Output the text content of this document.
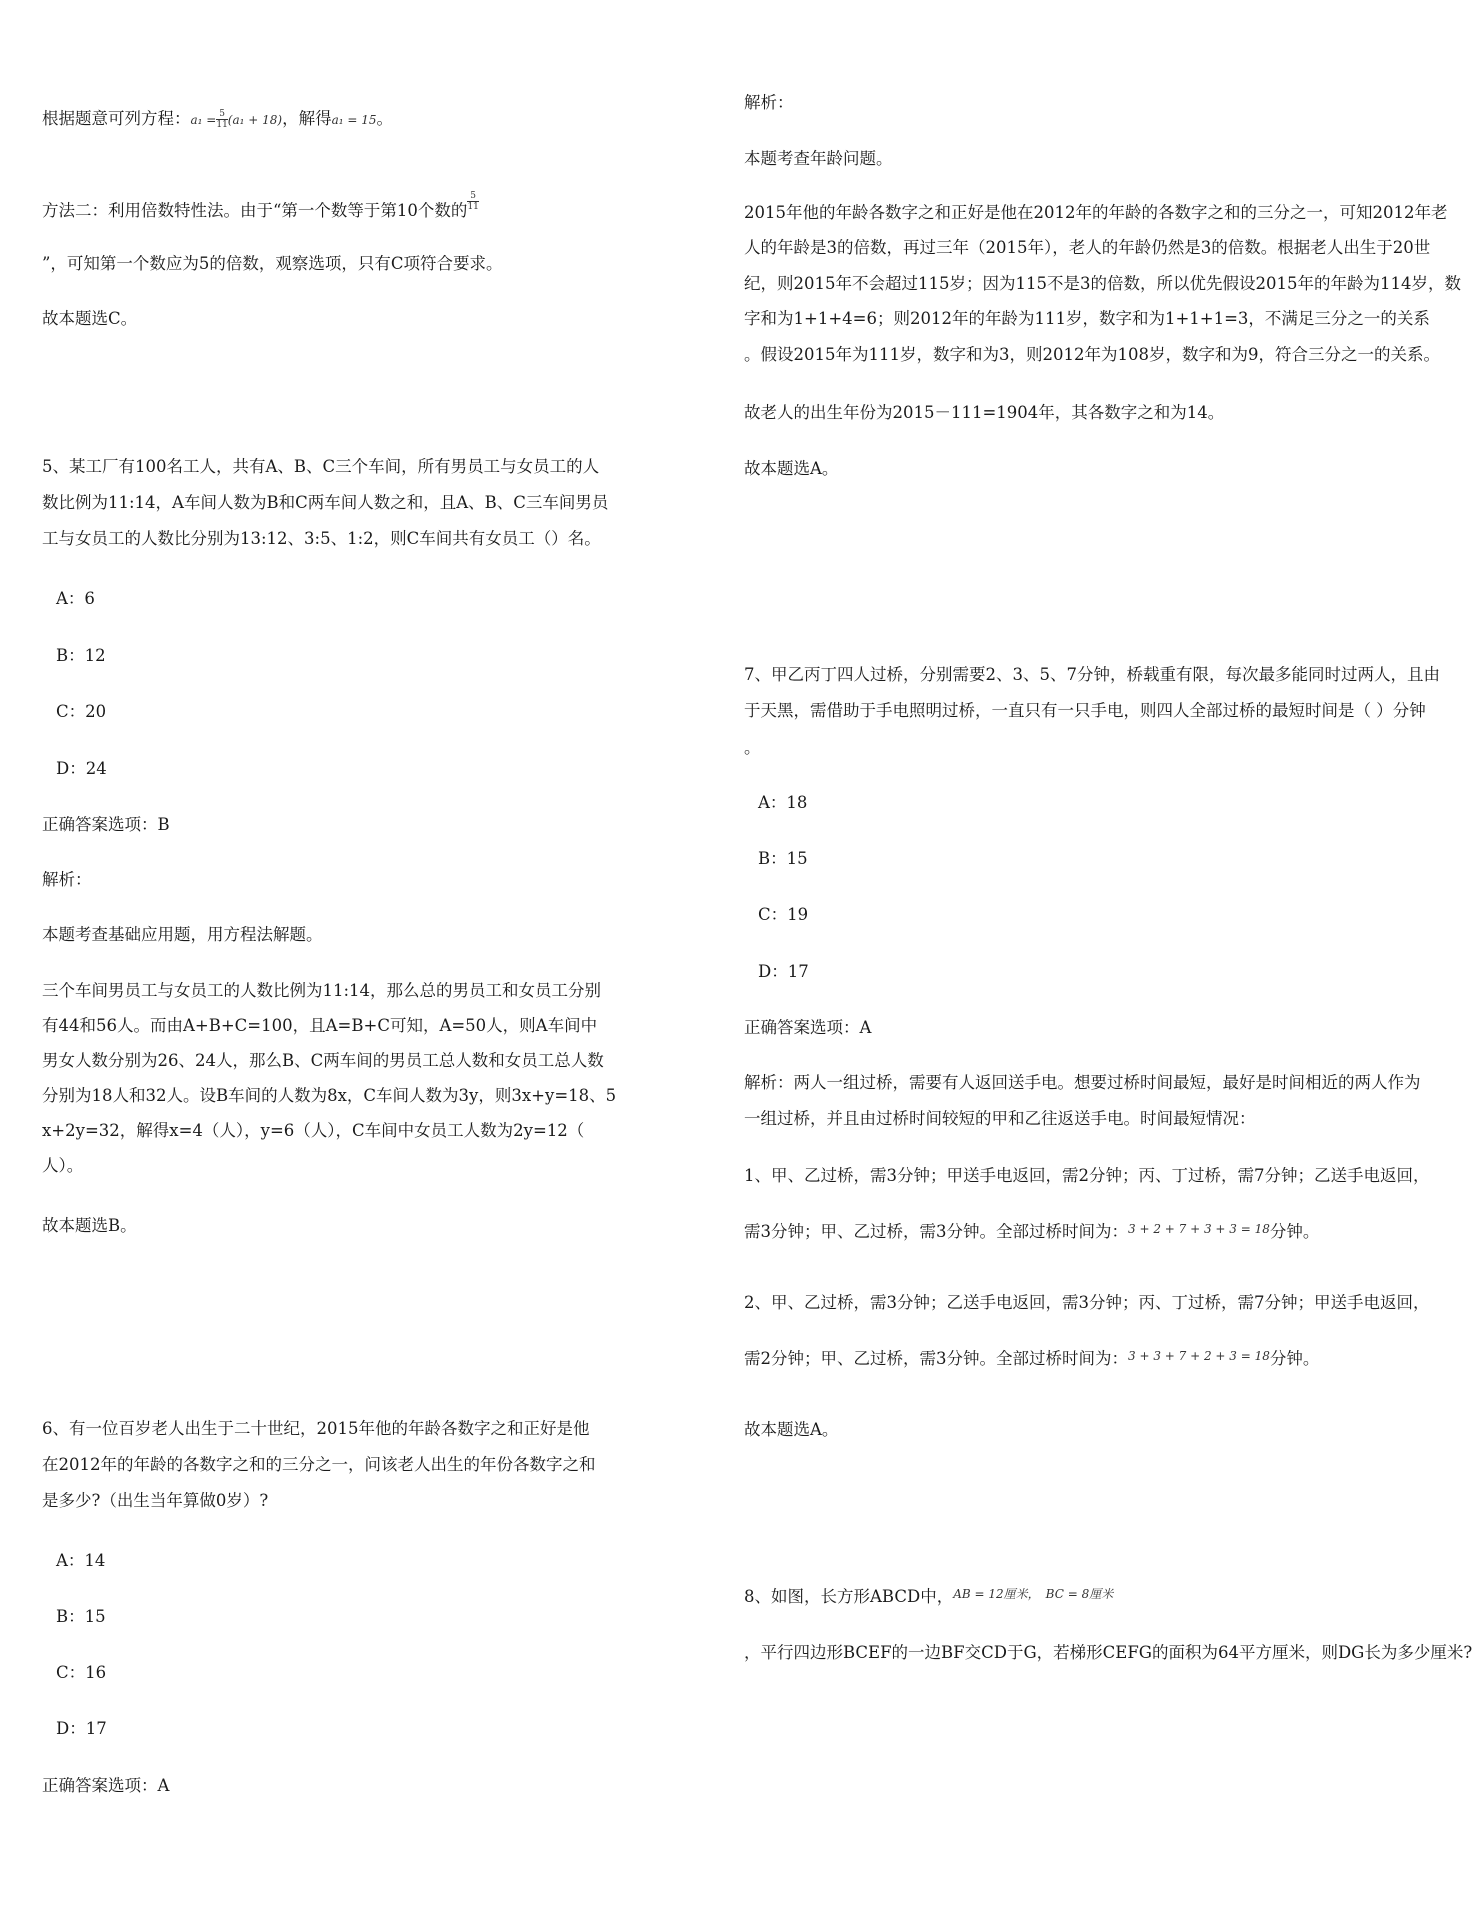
根据题意可列方程：$a_1 = \frac{5}{11} (a_1 + 18)$，解得a₁ = 15。
方法二：利用倍数特性法。由于“第一个数等于第10个数的 $\frac{5}{11}$
”，可知第一个数应为5的倍数，观察选项，只有C项符合要求。
故本题选C。
5、某工厂有100名工人，共有A、B、C三个车间，所有男员工与女员工的人
数比例为11:14，A车间人数为B和C两车间人数之和，且A、B、C三车间男员
工与女员工的人数比分别为13:12、3:5、1:2，则C车间共有女员工（）名。
A：6
B：12
C：20
D：24
正确答案选项：B
解析：
本题考查基础应用题，用方程法解题。
三个车间男员工与女员工的人数比例为11:14，那么总的男员工和女员工分别
有44和56人。而由A+B+C=100，且A=B+C可知，A=50人，则A车间中
男女人数分别为26、24人，那么B、C两车间的男员工总人数和女员工总人数
分别为18人和32人。设B车间的人数为8x，C车间人数为3y，则3x+y=18、5
x+2y=32，解得x=4（人），y=6（人），C车间中女员工人数为2y=12（
人）。
故本题选B。
6、有一位百岁老人出生于二十世纪，2015年他的年龄各数字之和正好是他
在2012年的年龄的各数字之和的三分之一，问该老人出生的年份各数字之和
是多少?（出生当年算做0岁）?
A：14
B：15
C：16
D：17
正确答案选项：A
解析：
本题考查年龄问题。
2015年他的年龄各数字之和正好是他在2012年的年龄的各数字之和的三分之一，可知2012年老
人的年龄是3的倍数，再过三年（2015年），老人的年龄仍然是3的倍数。根据老人出生于20世
纪，则2015年不会超过115岁；因为115不是3的倍数，所以优先假设2015年的年龄为114岁，数
字和为1+1+4=6；则2012年的年龄为111岁，数字和为1+1+1=3，不满足三分之一的关系
。假设2015年为111岁，数字和为3，则2012年为108岁，数字和为9，符合三分之一的关系。
故老人的出生年份为2015－111=1904年，其各数字之和为14。
故本题选A。
7、甲乙丙丁四人过桥，分别需要2、3、5、7分钟，桥载重有限，每次最多能同时过两人，且由
于天黑，需借助于手电照明过桥，一直只有一只手电，则四人全部过桥的最短时间是（ ）分钟
。
A：18
B：15
C：19
D：17
正确答案选项：A
解析：两人一组过桥，需要有人返回送手电。想要过桥时间最短，最好是时间相近的两人作为
一组过桥，并且由过桥时间较短的甲和乙往返送手电。时间最短情况：
1、甲、乙过桥，需3分钟；甲送手电返回，需2分钟；丙、丁过桥，需7分钟；乙送手电返回，
需3分钟；甲、乙过桥，需3分钟。全部过桥时间为：$^{3 + 2 + 7 + 3 + 3 = 18}$分钟。
2、甲、乙过桥，需3分钟；乙送手电返回，需3分钟；丙、丁过桥，需7分钟；甲送手电返回，
需2分钟；甲、乙过桥，需3分钟。全部过桥时间为：$^{3 + 3 + 7 + 2 + 3 = 18}$分钟。
故本题选A。
8、如图，长方形ABCD中，$^{AB = 12厘米,}$ $^{BC = 8厘米}$
，平行四边形BCEF的一边BF交CD于G，若梯形CEFG的面积为64平方厘米，则DG长为多少厘米?
